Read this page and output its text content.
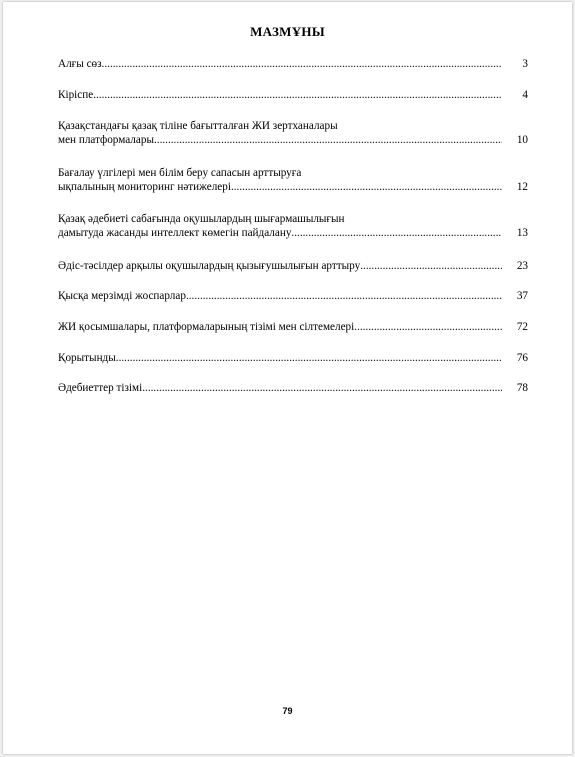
МАЗМҰНЫ
Алғы сөз .....	3
Кіріспе .....	4
Қазақстандағы қазақ тіліне бағытталған ЖИ зертханалары
мен платформалары .....	10
Бағалау үлгілері мен білім беру сапасын арттыруға
ықпалының мониторинг нәтижелері .....	12
Қазақ әдебиеті сабағында оқушылардың шығармашылығын
дамытуда жасанды интеллект көмегін пайдалану .....	13
Әдіс-тәсілдер арқылы оқушылардың қызығушылығын арттыру .....	23
Қысқа мерзімді жоспарлар .....	37
ЖИ қосымшалары, платформаларының тізімі мен сілтемелері .....	72
Қорытынды .....	76
Әдебиеттер тізімі .....	78
79
